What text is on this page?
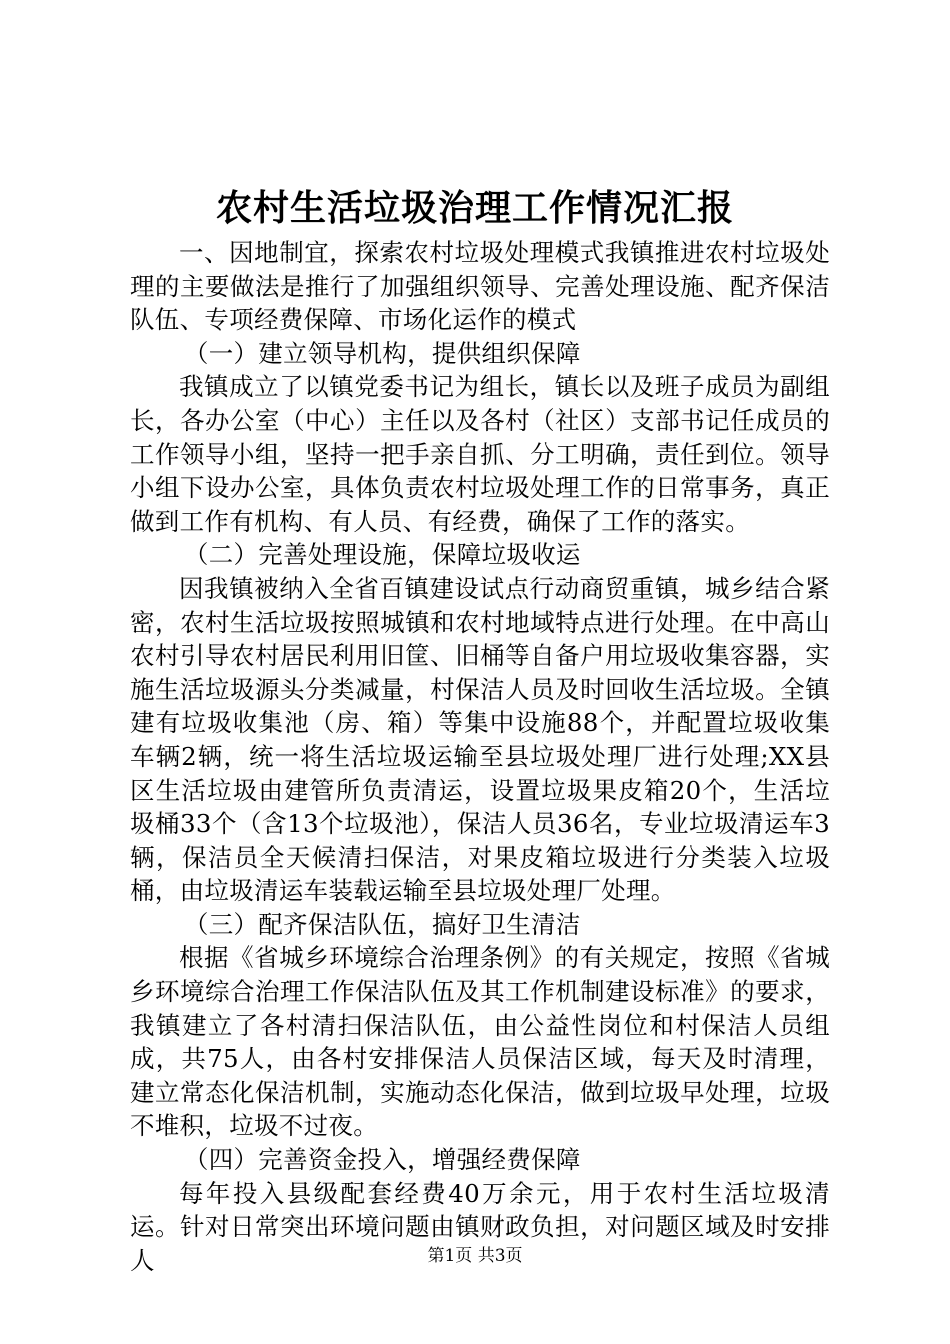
农村生活垃圾治理工作情况汇报

一、因地制宜，探索农村垃圾处理模式我镇推进农村垃圾处理的主要做法是推行了加强组织领导、完善处理设施、配齐保洁队伍、专项经费保障、市场化运作的模式

（一）建立领导机构，提供组织保障

我镇成立了以镇党委书记为组长，镇长以及班子成员为副组长，各办公室（中心）主任以及各村（社区）支部书记任成员的工作领导小组，坚持一把手亲自抓、分工明确，责任到位。领导小组下设办公室，具体负责农村垃圾处理工作的日常事务，真正做到工作有机构、有人员、有经费，确保了工作的落实。

（二）完善处理设施，保障垃圾收运

因我镇被纳入全省百镇建设试点行动商贸重镇，城乡结合紧密，农村生活垃圾按照城镇和农村地域特点进行处理。在中高山农村引导农村居民利用旧筐、旧桶等自备户用垃圾收集容器，实施生活垃圾源头分类减量，村保洁人员及时回收生活垃圾。全镇建有垃圾收集池（房、箱）等集中设施88个，并配置垃圾收集车辆2辆，统一将生活垃圾运输至县垃圾处理厂进行处理;XX县区生活垃圾由建管所负责清运，设置垃圾果皮箱20个，生活垃圾桶33个（含13个垃圾池），保洁人员36名，专业垃圾清运车3辆，保洁员全天候清扫保洁，对果皮箱垃圾进行分类装入垃圾桶，由垃圾清运车装载运输至县垃圾处理厂处理。

（三）配齐保洁队伍，搞好卫生清洁

根据《省城乡环境综合治理条例》的有关规定，按照《省城乡环境综合治理工作保洁队伍及其工作机制建设标准》的要求，我镇建立了各村清扫保洁队伍，由公益性岗位和村保洁人员组成，共75人，由各村安排保洁人员保洁区域，每天及时清理，建立常态化保洁机制，实施动态化保洁，做到垃圾早处理，垃圾不堆积，垃圾不过夜。

（四）完善资金投入，增强经费保障

每年投入县级配套经费40万余元，用于农村生活垃圾清运。针对日常突出环境问题由镇财政负担，对问题区域及时安排人	第1页 共3页
